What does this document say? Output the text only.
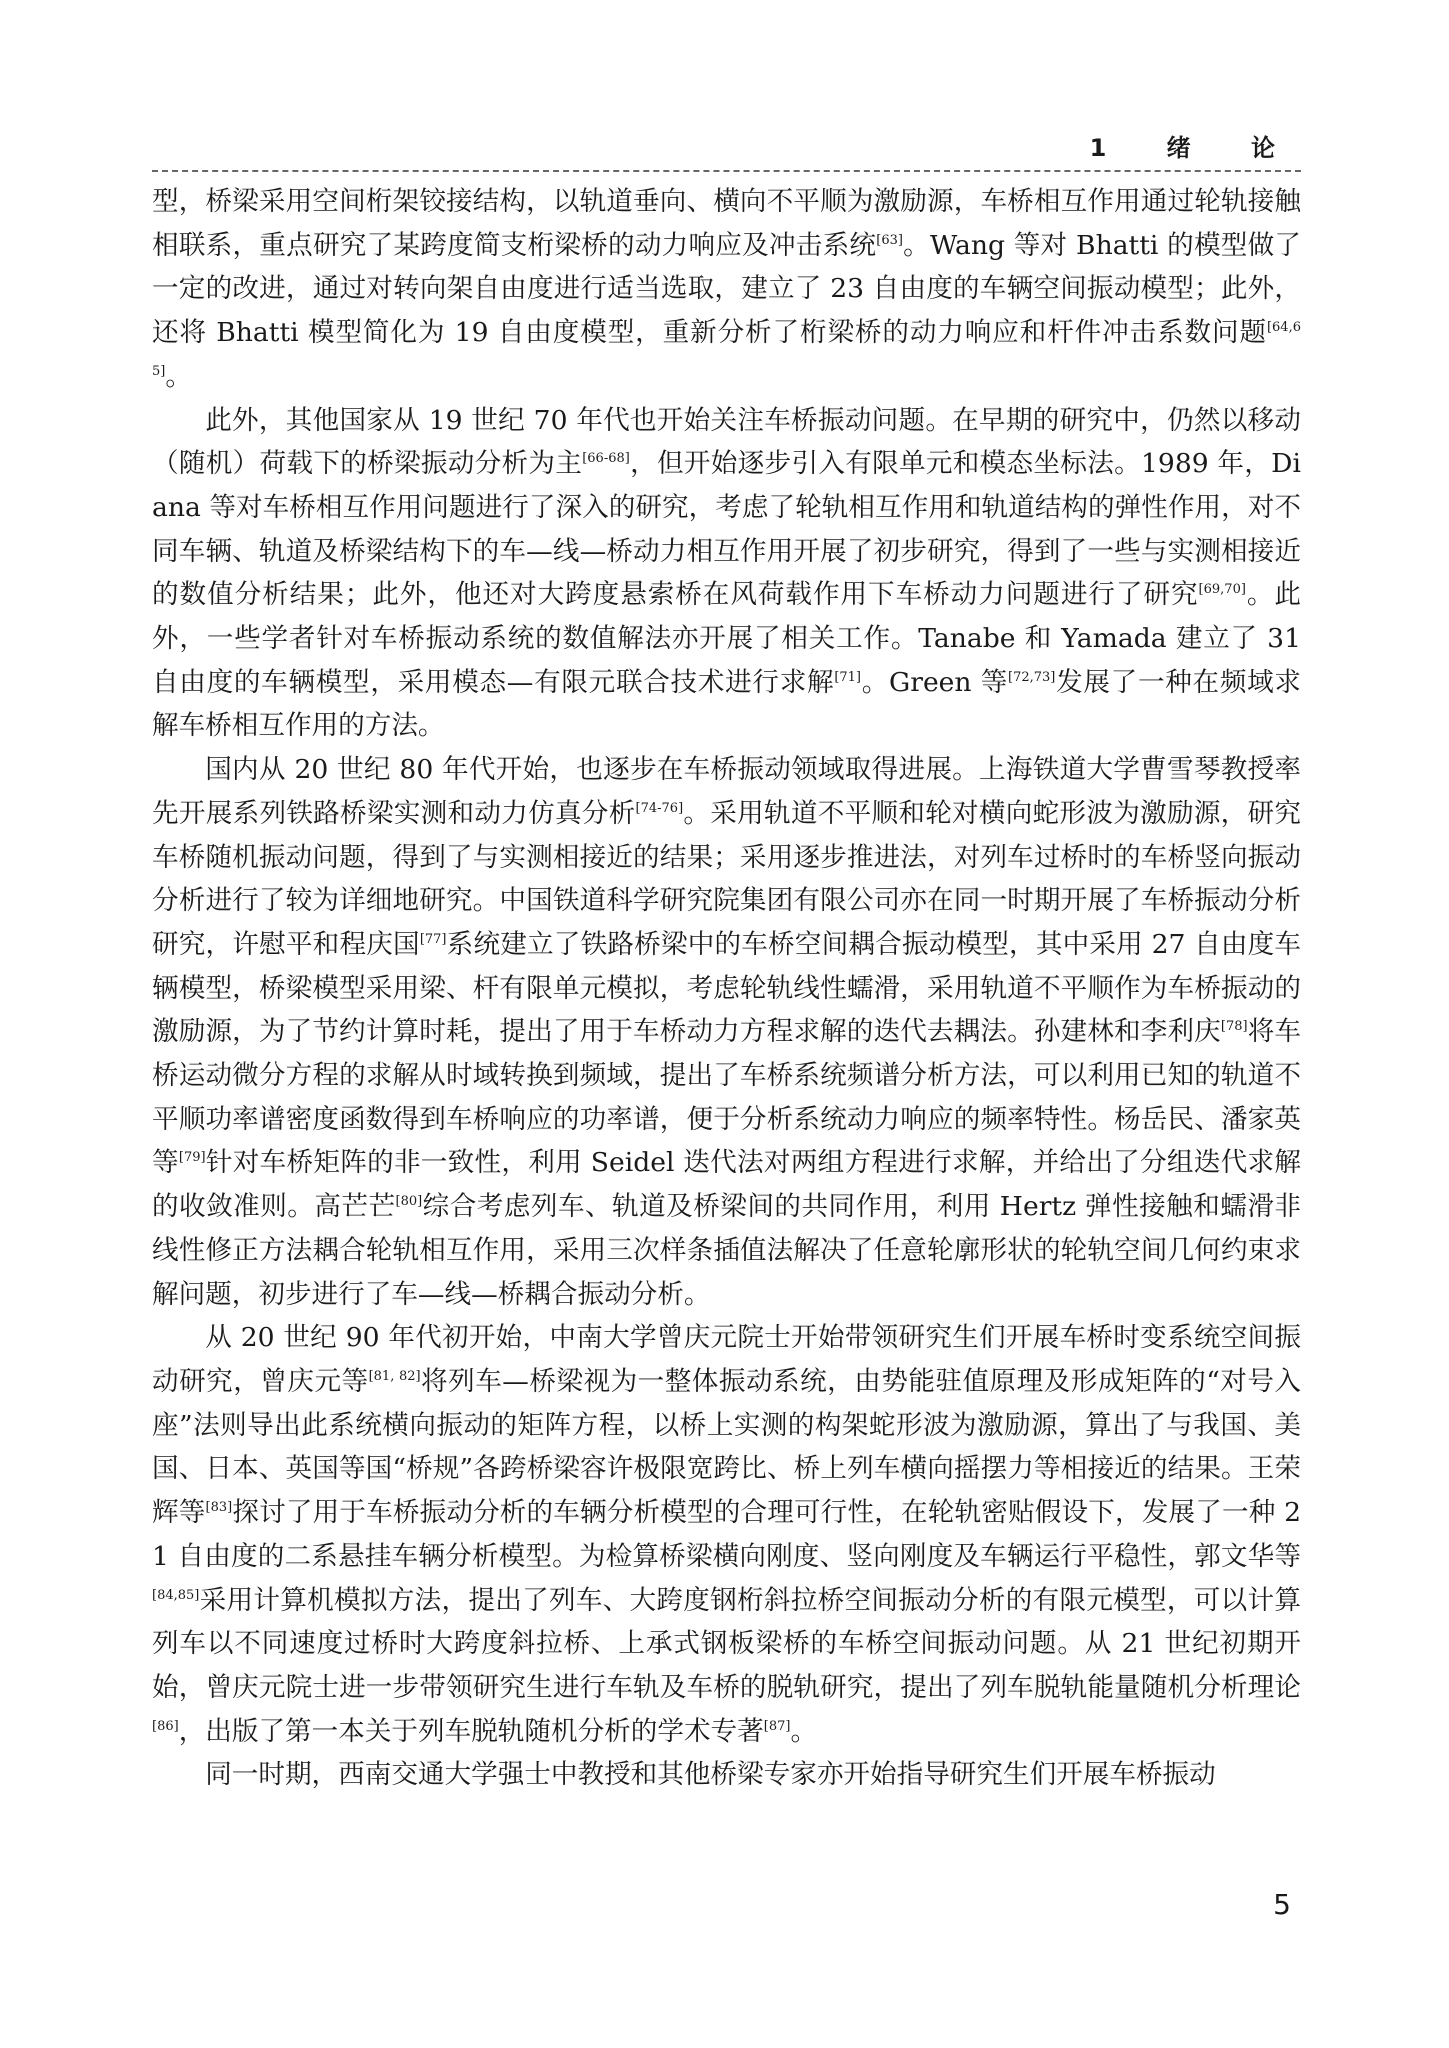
1 绪 论

型，桥梁采用空间桁架铰接结构，以轨道垂向、横向不平顺为激励源，车桥相互作用通过轮轨接触相联系，重点研究了某跨度简支桁梁桥的动力响应及冲击系统[63]。Wang 等对 Bhatti 的模型做了一定的改进，通过对转向架自由度进行适当选取，建立了 23 自由度的车辆空间振动模型；此外，还将 Bhatti 模型简化为 19 自由度模型，重新分析了桁梁桥的动力响应和杆件冲击系数问题[64,65]。

此外，其他国家从 19 世纪 70 年代也开始关注车桥振动问题。在早期的研究中，仍然以移动（随机）荷载下的桥梁振动分析为主[66-68]，但开始逐步引入有限单元和模态坐标法。1989 年，Diana 等对车桥相互作用问题进行了深入的研究，考虑了轮轨相互作用和轨道结构的弹性作用，对不同车辆、轨道及桥梁结构下的车—线—桥动力相互作用开展了初步研究，得到了一些与实测相接近的数值分析结果；此外，他还对大跨度悬索桥在风荷载作用下车桥动力问题进行了研究[69,70]。此外，一些学者针对车桥振动系统的数值解法亦开展了相关工作。Tanabe 和 Yamada 建立了 31 自由度的车辆模型，采用模态—有限元联合技术进行求解[71]。Green 等[72,73]发展了一种在频域求解车桥相互作用的方法。

国内从 20 世纪 80 年代开始，也逐步在车桥振动领域取得进展。上海铁道大学曹雪琴教授率先开展系列铁路桥梁实测和动力仿真分析[74-76]。采用轨道不平顺和轮对横向蛇形波为激励源，研究车桥随机振动问题，得到了与实测相接近的结果；采用逐步推进法，对列车过桥时的车桥竖向振动分析进行了较为详细地研究。中国铁道科学研究院集团有限公司亦在同一时期开展了车桥振动分析研究，许慰平和程庆国[77]系统建立了铁路桥梁中的车桥空间耦合振动模型，其中采用 27 自由度车辆模型，桥梁模型采用梁、杆有限单元模拟，考虑轮轨线性蠕滑，采用轨道不平顺作为车桥振动的激励源，为了节约计算时耗，提出了用于车桥动力方程求解的迭代去耦法。孙建林和李利庆[78]将车桥运动微分方程的求解从时域转换到频域，提出了车桥系统频谱分析方法，可以利用已知的轨道不平顺功率谱密度函数得到车桥响应的功率谱，便于分析系统动力响应的频率特性。杨岳民、潘家英等[79]针对车桥矩阵的非一致性，利用 Seidel 迭代法对两组方程进行求解，并给出了分组迭代求解的收敛准则。高芒芒[80]综合考虑列车、轨道及桥梁间的共同作用，利用 Hertz 弹性接触和蠕滑非线性修正方法耦合轮轨相互作用，采用三次样条插值法解决了任意轮廓形状的轮轨空间几何约束求解问题，初步进行了车—线—桥耦合振动分析。

从 20 世纪 90 年代初开始，中南大学曾庆元院士开始带领研究生们开展车桥时变系统空间振动研究，曾庆元等[81, 82]将列车—桥梁视为一整体振动系统，由势能驻值原理及形成矩阵的“对号入座”法则导出此系统横向振动的矩阵方程，以桥上实测的构架蛇形波为激励源，算出了与我国、美国、日本、英国等国“桥规”各跨桥梁容许极限宽跨比、桥上列车横向摇摆力等相接近的结果。王荣辉等[83]探讨了用于车桥振动分析的车辆分析模型的合理可行性，在轮轨密贴假设下，发展了一种 21 自由度的二系悬挂车辆分析模型。为检算桥梁横向刚度、竖向刚度及车辆运行平稳性，郭文华等[84,85]采用计算机模拟方法，提出了列车、大跨度钢桁斜拉桥空间振动分析的有限元模型，可以计算列车以不同速度过桥时大跨度斜拉桥、上承式钢板梁桥的车桥空间振动问题。从 21 世纪初期开始，曾庆元院士进一步带领研究生进行车轨及车桥的脱轨研究，提出了列车脱轨能量随机分析理论[86]，出版了第一本关于列车脱轨随机分析的学术专著[87]。

同一时期，西南交通大学强士中教授和其他桥梁专家亦开始指导研究生们开展车桥振动

5
